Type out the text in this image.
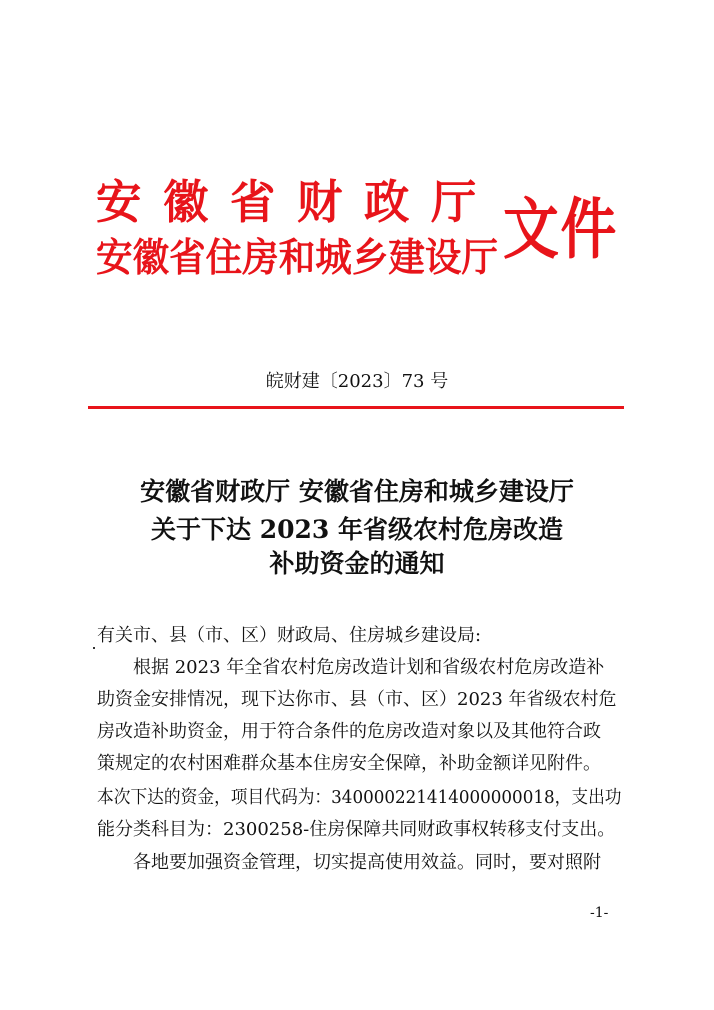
安徽省财政厅
安徽省住房和城乡建设厅 文件
皖财建〔2023〕73 号
安徽省财政厅 安徽省住房和城乡建设厅
关于下达 2023 年省级农村危房改造
补助资金的通知
有关市、县（市、区）财政局、住房城乡建设局:
根据 2023 年全省农村危房改造计划和省级农村危房改造补
助资金安排情况，现下达你市、县（市、区）2023 年省级农村危
房改造补助资金，用于符合条件的危房改造对象以及其他符合政
策规定的农村困难群众基本住房安全保障，补助金额详见附件。
本次下达的资金，项目代码为：340000221414000000018，支出功
能分类科目为：2300258-住房保障共同财政事权转移支付支出。
各地要加强资金管理，切实提高使用效益。同时，要对照附
-1-
